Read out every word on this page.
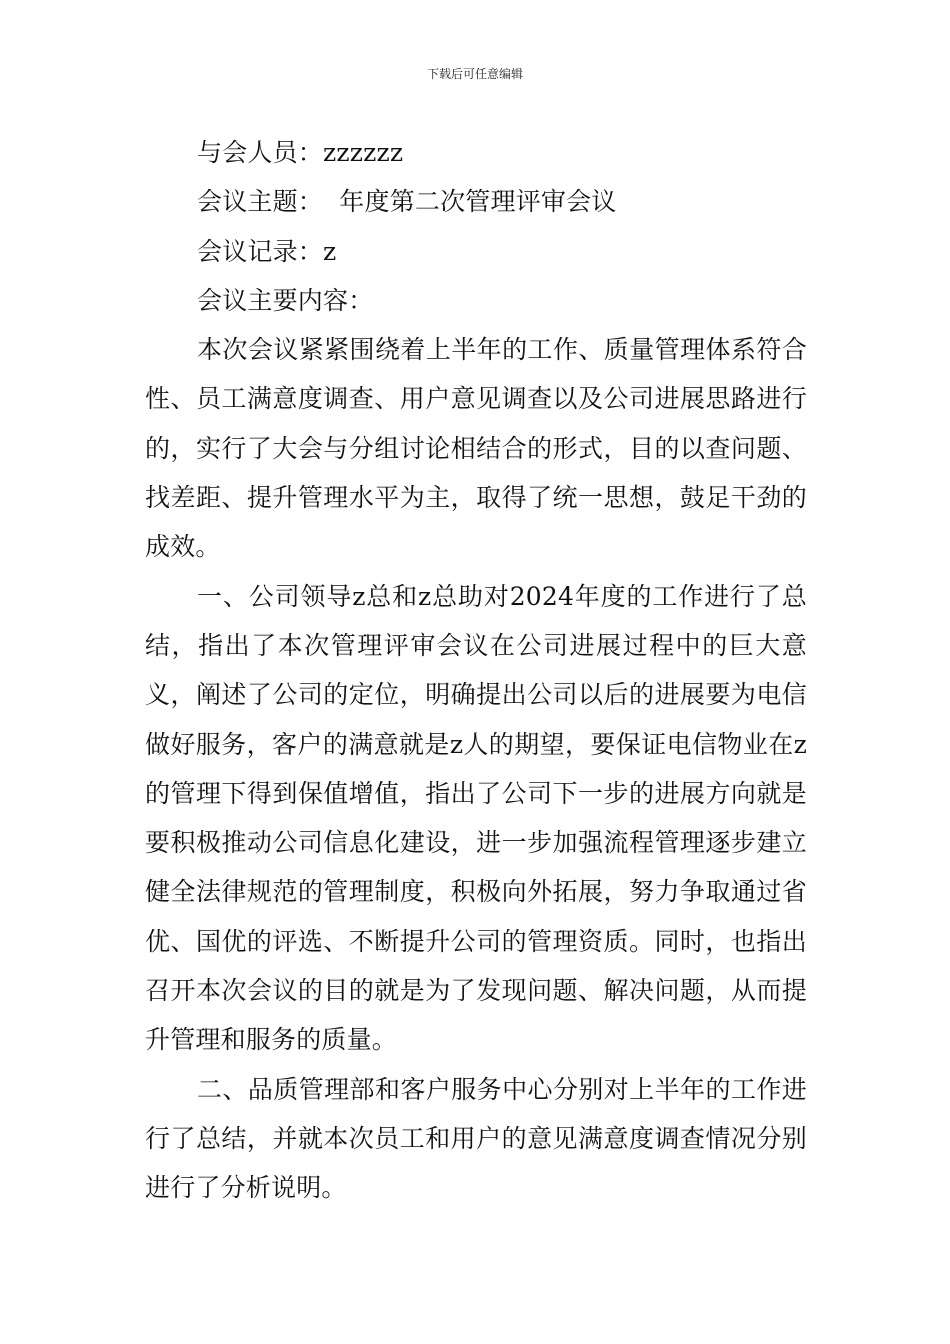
下载后可任意编辑

与会人员：zzzzzz

会议主题：  年度第二次管理评审会议

会议记录：z

会议主要内容：

本次会议紧紧围绕着上半年的工作、质量管理体系符合性、员工满意度调查、用户意见调查以及公司进展思路进行的，实行了大会与分组讨论相结合的形式，目的以查问题、找差距、提升管理水平为主，取得了统一思想，鼓足干劲的成效。

一、公司领导z总和z总助对2024年度的工作进行了总结，指出了本次管理评审会议在公司进展过程中的巨大意义，阐述了公司的定位，明确提出公司以后的进展要为电信做好服务，客户的满意就是z人的期望，要保证电信物业在z的管理下得到保值增值，指出了公司下一步的进展方向就是要积极推动公司信息化建设，进一步加强流程管理逐步建立健全法律规范的管理制度，积极向外拓展，努力争取通过省优、国优的评选、不断提升公司的管理资质。同时，也指出召开本次会议的目的就是为了发现问题、解决问题，从而提升管理和服务的质量。

二、品质管理部和客户服务中心分别对上半年的工作进行了总结，并就本次员工和用户的意见满意度调查情况分别进行了分析说明。
